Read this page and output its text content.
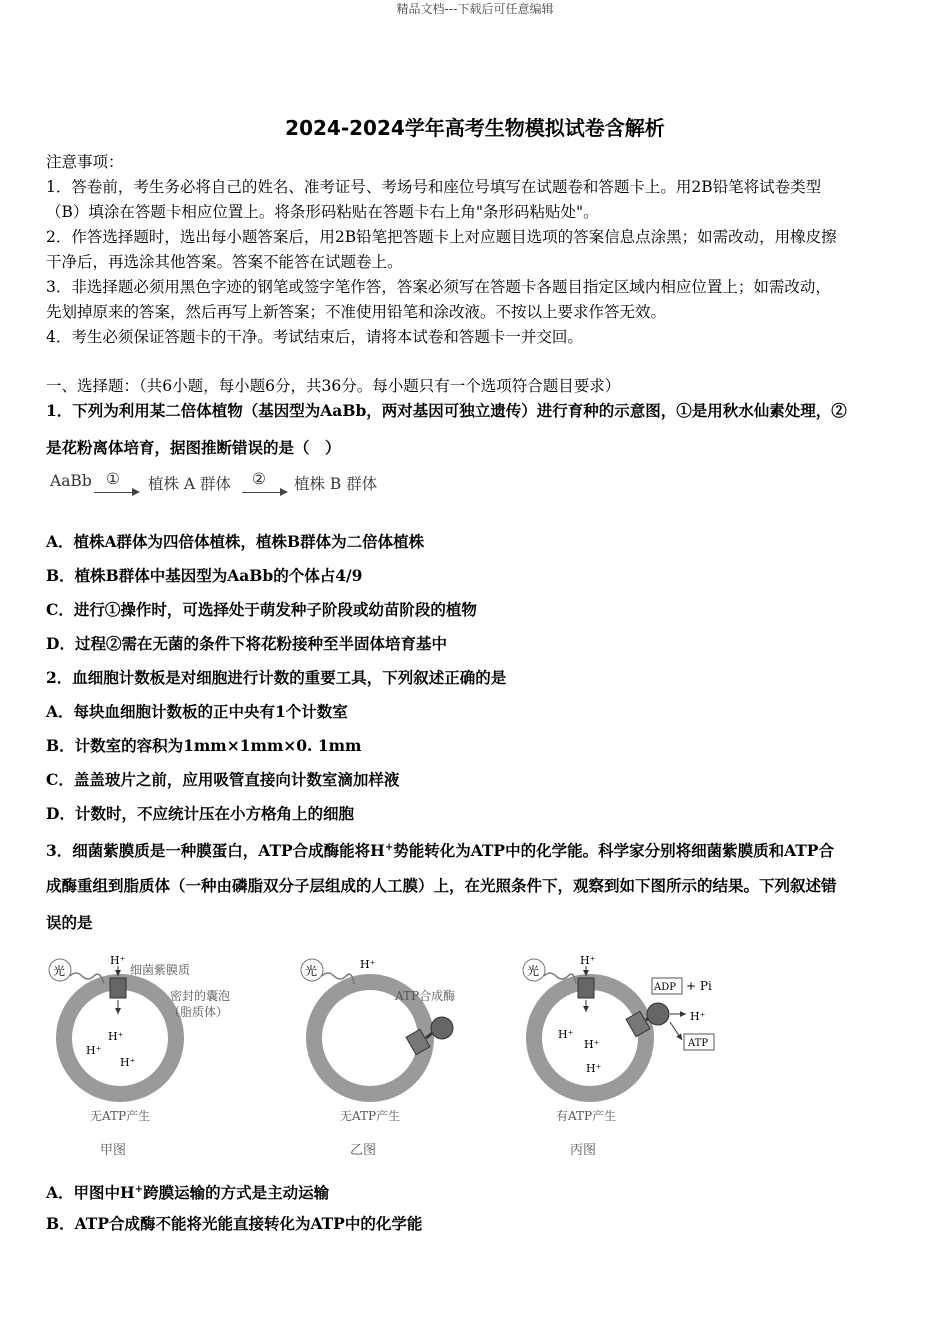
精品文档---下载后可任意编辑
2024-2024学年高考生物模拟试卷含解析
注意事项：
1．答卷前，考生务必将自己的姓名、准考证号、考场号和座位号填写在试题卷和答题卡上。用2B铅笔将试卷类型
（B）填涂在答题卡相应位置上。将条形码粘贴在答题卡右上角"条形码粘贴处"。
2．作答选择题时，选出每小题答案后，用2B铅笔把答题卡上对应题目选项的答案信息点涂黑；如需改动，用橡皮擦
干净后，再选涂其他答案。答案不能答在试题卷上。
3．非选择题必须用黑色字迹的钢笔或签字笔作答，答案必须写在答题卡各题目指定区域内相应位置上；如需改动，
先划掉原来的答案，然后再写上新答案；不准使用铅笔和涂改液。不按以上要求作答无效。
4．考生必须保证答题卡的干净。考试结束后，请将本试卷和答题卡一并交回。
一、选择题：（共6小题，每小题6分，共36分。每小题只有一个选项符合题目要求）
1．下列为利用某二倍体植物（基因型为AaBb，两对基因可独立遗传）进行育种的示意图，①是用秋水仙素处理，②
是花粉离体培育，据图推断错误的是（　）
AaBb ① 植株 A 群体 ② 植株 B 群体
A．植株A群体为四倍体植株，植株B群体为二倍体植株
B．植株B群体中基因型为AaBb的个体占4/9
C．进行①操作时，可选择处于萌发种子阶段或幼苗阶段的植物
D．过程②需在无菌的条件下将花粉接种至半固体培育基中
2．血细胞计数板是对细胞进行计数的重要工具，下列叙述正确的是
A．每块血细胞计数板的正中央有1个计数室
B．计数室的容积为1mm×1mm×0. 1mm
C．盖盖玻片之前，应用吸管直接向计数室滴加样液
D．计数时，不应统计压在小方格角上的细胞
3．细菌紫膜质是一种膜蛋白，ATP合成酶能将H+势能转化为ATP中的化学能。科学家分别将细菌紫膜质和ATP合
成酶重组到脂质体（一种由磷脂双分子层组成的人工膜）上，在光照条件下，观察到如下图所示的结果。下列叙述错
误的是
光
H⁺
细菌紫膜质
密封的囊泡
（脂质体）
H⁺
H⁺
H⁺
无ATP产生
甲图
光	H⁺
ATP合成酶
无ATP产生
乙图
光
H⁺
H⁺
H⁺
H⁺
ADP + Pi
H⁺
ATP
有ATP产生
丙图
A．甲图中H+跨膜运输的方式是主动运输
B．ATP合成酶不能将光能直接转化为ATP中的化学能
